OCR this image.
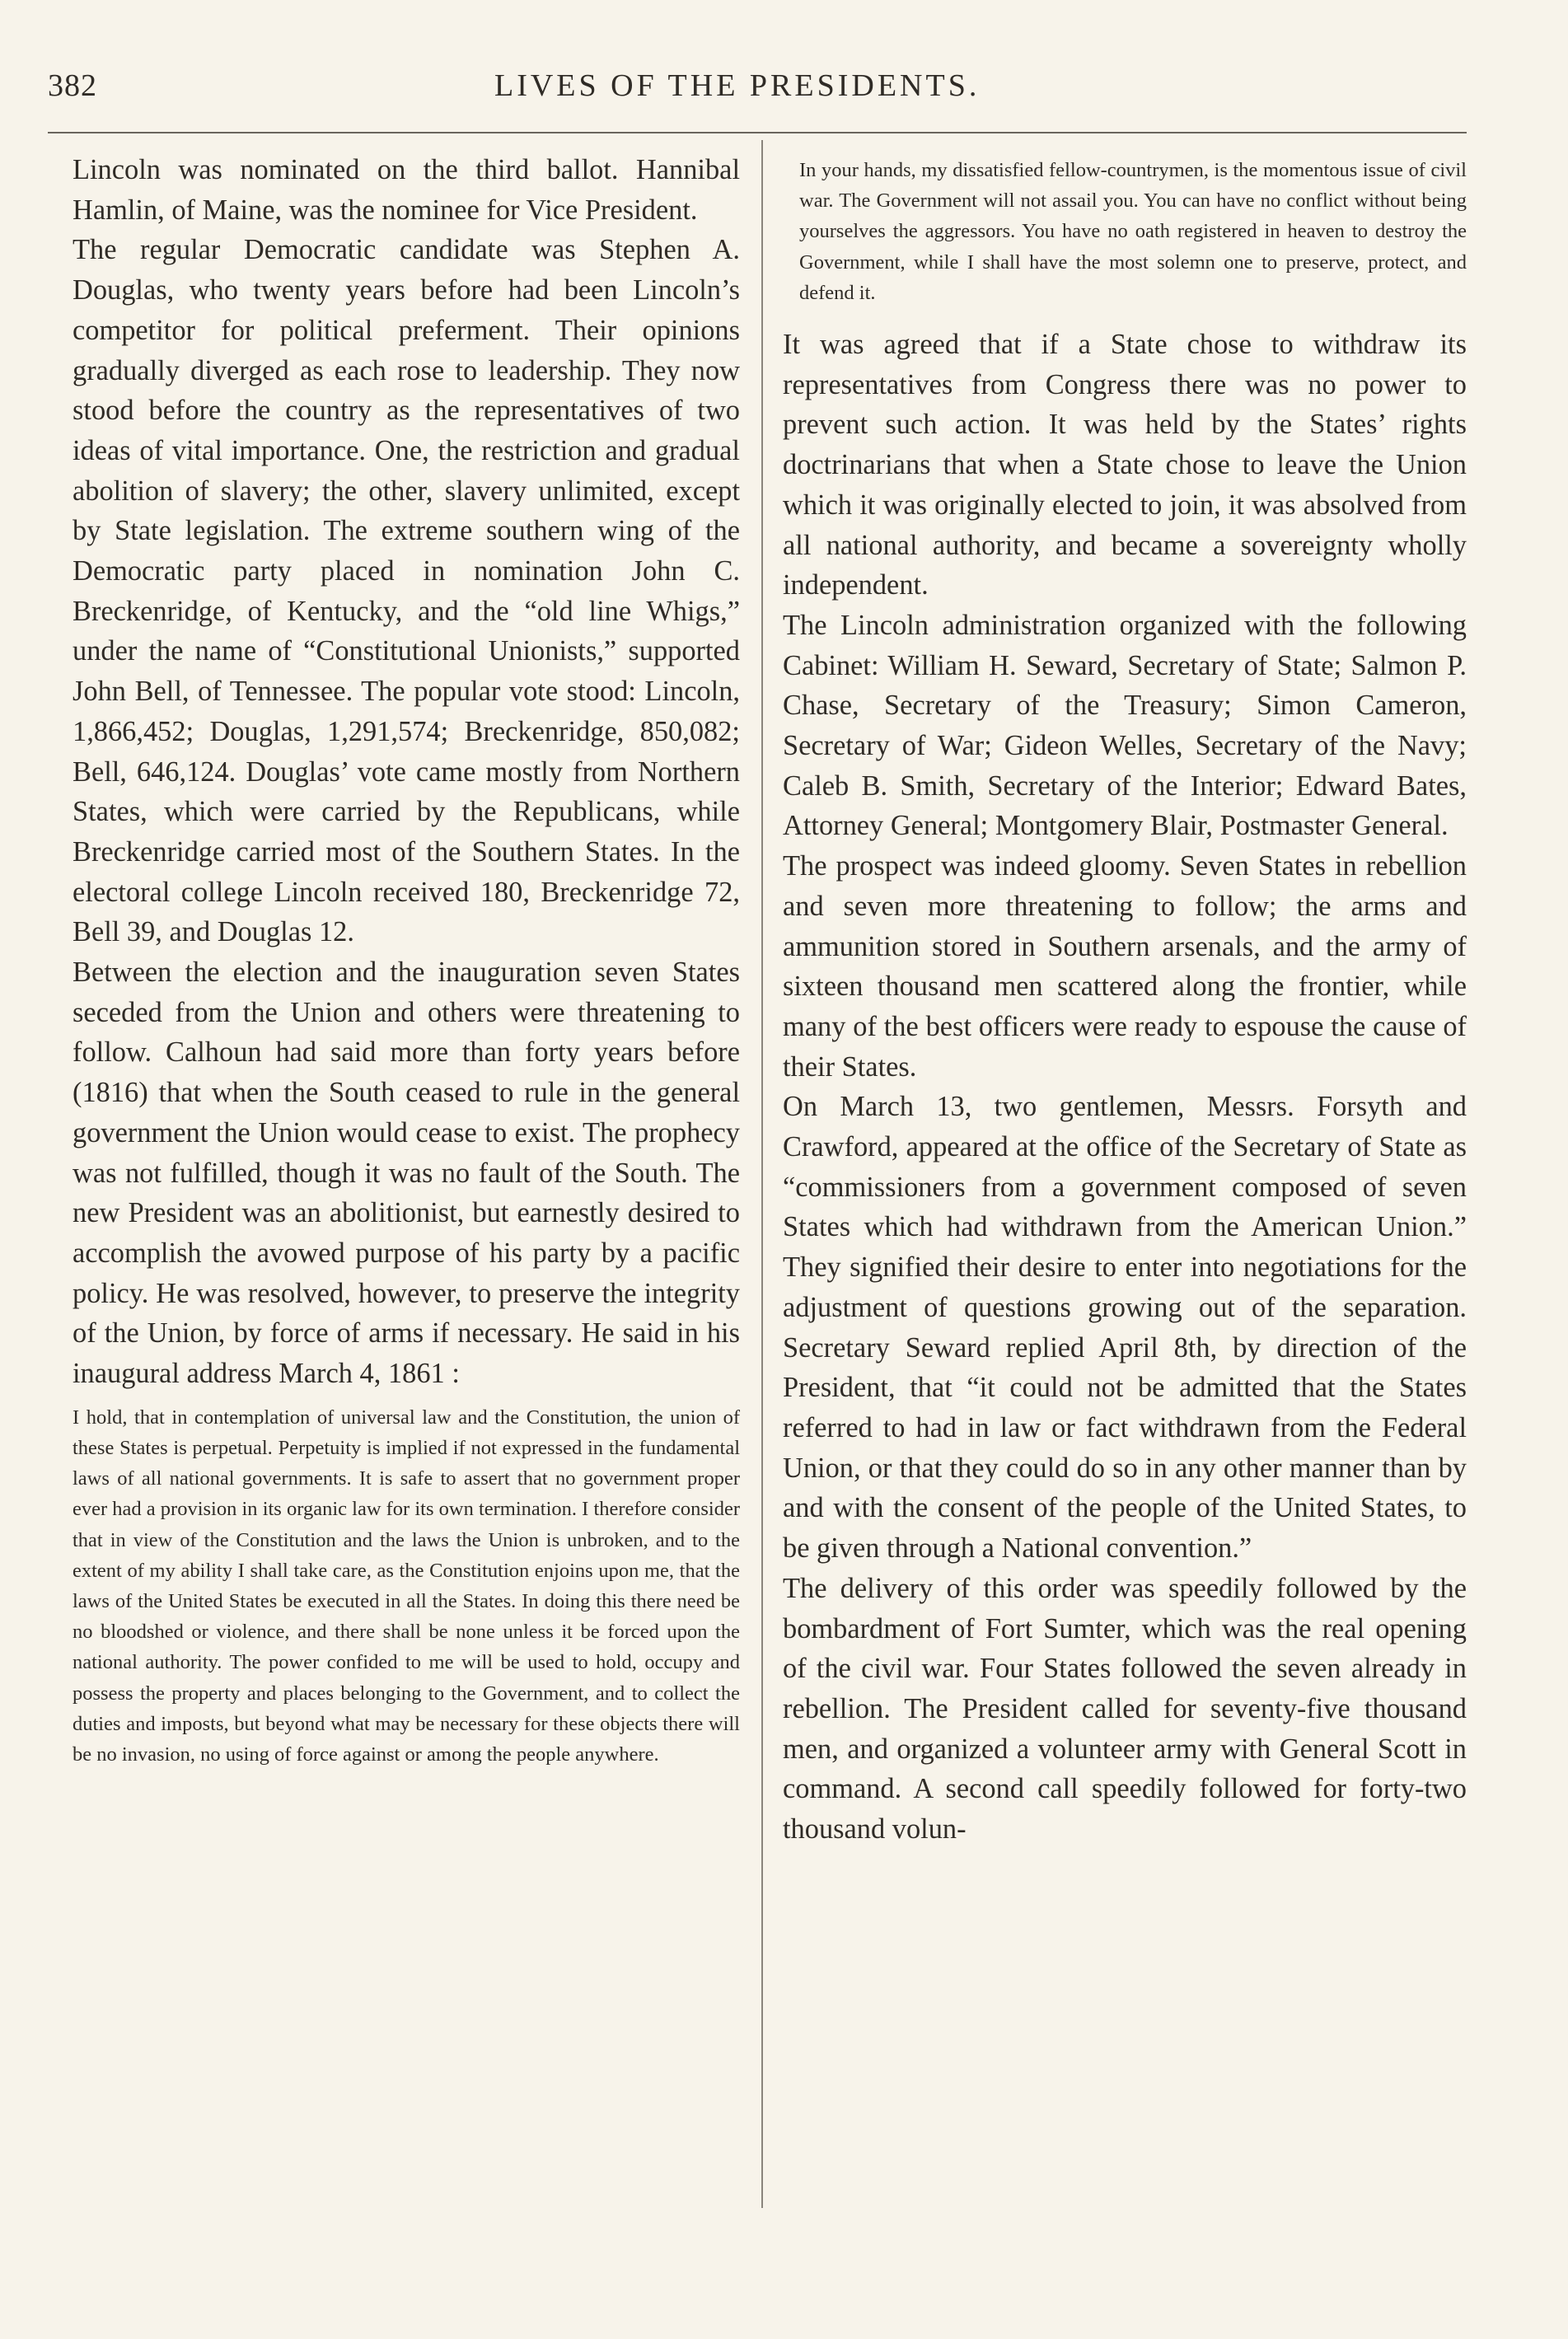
382	LIVES OF THE PRESIDENTS.

Lincoln was nominated on the third ballot. Hannibal Hamlin, of Maine, was the nominee for Vice President.

The regular Democratic candidate was Stephen A. Douglas, who twenty years before had been Lincoln’s competitor for political preferment. Their opinions gradually diverged as each rose to leadership. They now stood before the country as the representatives of two ideas of vital importance. One, the restriction and gradual abolition of slavery; the other, slavery unlimited, except by State legislation. The extreme southern wing of the Democratic party placed in nomination John C. Breckenridge, of Kentucky, and the “old line Whigs,” under the name of “Constitutional Unionists,” supported John Bell, of Tennessee. The popular vote stood: Lincoln, 1,866,452; Douglas, 1,291,574; Breckenridge, 850,082; Bell, 646,124. Douglas’ vote came mostly from Northern States, which were carried by the Republicans, while Breckenridge carried most of the Southern States. In the electoral college Lincoln received 180, Breckenridge 72, Bell 39, and Douglas 12.

Between the election and the inauguration seven States seceded from the Union and others were threatening to follow. Calhoun had said more than forty years before (1816) that when the South ceased to rule in the general government the Union would cease to exist. The prophecy was not fulfilled, though it was no fault of the South. The new President was an abolitionist, but earnestly desired to accomplish the avowed purpose of his party by a pacific policy. He was resolved, however, to preserve the integrity of the Union, by force of arms if necessary. He said in his inaugural address March 4, 1861 :

I hold, that in contemplation of universal law and the Constitution, the union of these States is perpetual. Perpetuity is implied if not expressed in the fundamental laws of all national governments. It is safe to assert that no government proper ever had a provision in its organic law for its own termination. I therefore consider that in view of the Constitution and the laws the Union is unbroken, and to the extent of my ability I shall take care, as the Constitution enjoins upon me, that the laws of the United States be executed in all the States. In doing this there need be no bloodshed or violence, and there shall be none unless it be forced upon the national authority. The power confided to me will be used to hold, occupy and possess the property and places belonging to the Government, and to collect the duties and imposts, but beyond what may be necessary for these objects there will be no invasion, no using of force against or among the people anywhere.

In your hands, my dissatisfied fellow-countrymen, is the momentous issue of civil war. The Government will not assail you. You can have no conflict without being yourselves the aggressors. You have no oath registered in heaven to destroy the Government, while I shall have the most solemn one to preserve, protect, and defend it.

It was agreed that if a State chose to withdraw its representatives from Congress there was no power to prevent such action. It was held by the States’ rights doctrinarians that when a State chose to leave the Union which it was originally elected to join, it was absolved from all national authority, and became a sovereignty wholly independent.

The Lincoln administration organized with the following Cabinet: William H. Seward, Secretary of State; Salmon P. Chase, Secretary of the Treasury; Simon Cameron, Secretary of War; Gideon Welles, Secretary of the Navy; Caleb B. Smith, Secretary of the Interior; Edward Bates, Attorney General; Montgomery Blair, Postmaster General.

The prospect was indeed gloomy. Seven States in rebellion and seven more threatening to follow; the arms and ammunition stored in Southern arsenals, and the army of sixteen thousand men scattered along the frontier, while many of the best officers were ready to espouse the cause of their States.

On March 13, two gentlemen, Messrs. Forsyth and Crawford, appeared at the office of the Secretary of State as “commissioners from a government composed of seven States which had withdrawn from the American Union.” They signified their desire to enter into negotiations for the adjustment of questions growing out of the separation. Secretary Seward replied April 8th, by direction of the President, that “it could not be admitted that the States referred to had in law or fact withdrawn from the Federal Union, or that they could do so in any other manner than by and with the consent of the people of the United States, to be given through a National convention.”

The delivery of this order was speedily followed by the bombardment of Fort Sumter, which was the real opening of the civil war. Four States followed the seven already in rebellion. The President called for seventy-five thousand men, and organized a volunteer army with General Scott in command. A second call speedily followed for forty-two thousand volun-
